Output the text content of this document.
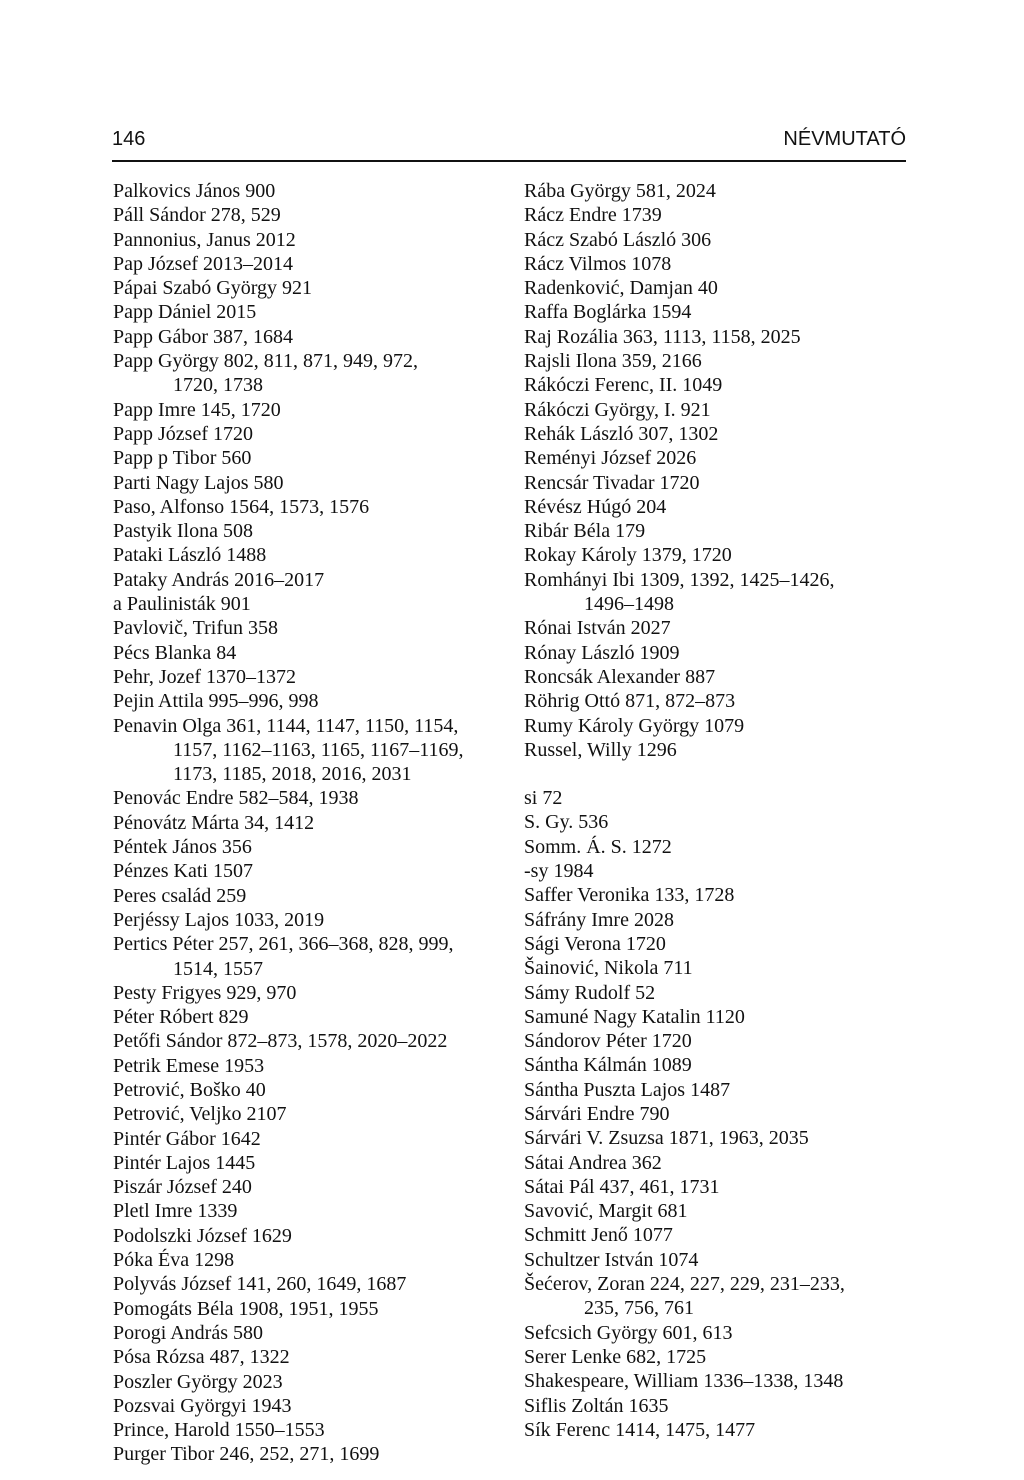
146	NÉVMUTATÓ
Palkovics János 900
Páll Sándor 278, 529
Pannonius, Janus 2012
Pap József 2013–2014
Pápai Szabó György 921
Papp Dániel 2015
Papp Gábor 387, 1684
Papp György 802, 811, 871, 949, 972,
1720, 1738
Papp Imre 145, 1720
Papp József 1720
Papp p Tibor 560
Parti Nagy Lajos 580
Paso, Alfonso 1564, 1573, 1576
Pastyik Ilona 508
Pataki László 1488
Pataky András 2016–2017
a Paulinisták 901
Pavlovič, Trifun 358
Pécs Blanka 84
Pehr, Jozef 1370–1372
Pejin Attila 995–996, 998
Penavin Olga 361, 1144, 1147, 1150, 1154,
1157, 1162–1163, 1165, 1167–1169,
1173, 1185, 2018, 2016, 2031
Penovác Endre 582–584, 1938
Pénovátz Márta 34, 1412
Péntek János 356
Pénzes Kati 1507
Peres család 259
Perjéssy Lajos 1033, 2019
Pertics Péter 257, 261, 366–368, 828, 999,
1514, 1557
Pesty Frigyes 929, 970
Péter Róbert 829
Petőfi Sándor 872–873, 1578, 2020–2022
Petrik Emese 1953
Petrović, Boško 40
Petrović, Veljko 2107
Pintér Gábor 1642
Pintér Lajos 1445
Piszár József 240
Pletl Imre 1339
Podolszki József 1629
Póka Éva 1298
Polyvás József 141, 260, 1649, 1687
Pomogáts Béla 1908, 1951, 1955
Porogi András 580
Pósa Rózsa 487, 1322
Poszler György 2023
Pozsvai Györgyi 1943
Prince, Harold 1550–1553
Purger Tibor 246, 252, 271, 1699
Rába György 581, 2024
Rácz Endre 1739
Rácz Szabó László 306
Rácz Vilmos 1078
Radenković, Damjan 40
Raffa Boglárka 1594
Raj Rozália 363, 1113, 1158, 2025
Rajsli Ilona 359, 2166
Rákóczi Ferenc, II. 1049
Rákóczi György, I. 921
Rehák László 307, 1302
Reményi József 2026
Rencsár Tivadar 1720
Révész Húgó 204
Ribár Béla 179
Rokay Károly 1379, 1720
Romhányi Ibi 1309, 1392, 1425–1426,
1496–1498
Rónai István 2027
Rónay László 1909
Roncsák Alexander 887
Röhrig Ottó 871, 872–873
Rumy Károly György 1079
Russel, Willy 1296
si 72
S. Gy. 536
Somm. Á. S. 1272
-sy 1984
Saffer Veronika 133, 1728
Sáfrány Imre 2028
Sági Verona 1720
Šainović, Nikola 711
Sámy Rudolf 52
Samuné Nagy Katalin 1120
Sándorov Péter 1720
Sántha Kálmán 1089
Sántha Puszta Lajos 1487
Sárvári Endre 790
Sárvári V. Zsuzsa 1871, 1963, 2035
Sátai Andrea 362
Sátai Pál 437, 461, 1731
Savović, Margit 681
Schmitt Jenő 1077
Schultzer István 1074
Šećerov, Zoran 224, 227, 229, 231–233,
235, 756, 761
Sefcsich György 601, 613
Serer Lenke 682, 1725
Shakespeare, William 1336–1338, 1348
Siflis Zoltán 1635
Sík Ferenc 1414, 1475, 1477
